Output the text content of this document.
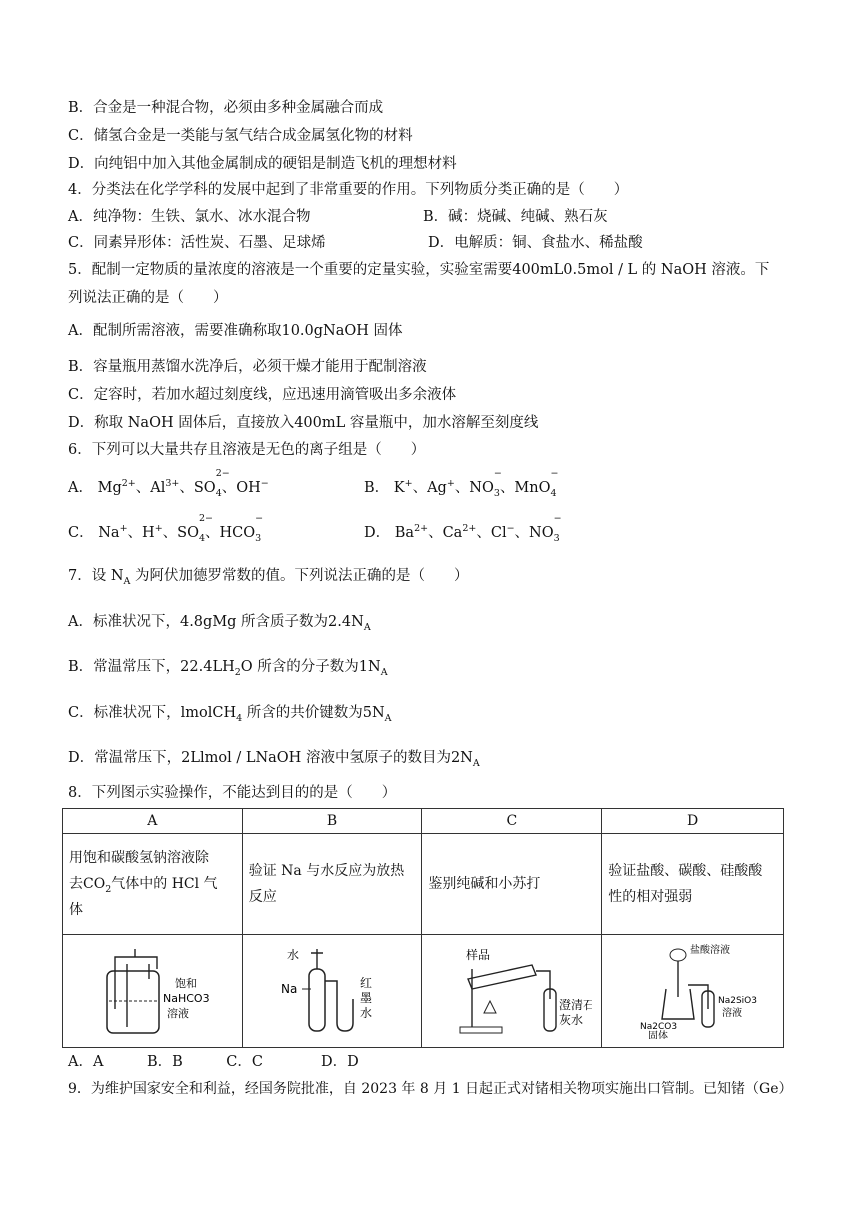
B．合金是一种混合物，必须由多种金属融合而成
C．储氢合金是一类能与氢气结合成金属氢化物的材料
D．向纯铝中加入其他金属制成的硬铝是制造飞机的理想材料
4．分类法在化学学科的发展中起到了非常重要的作用。下列物质分类正确的是（　　）
A．纯净物：生铁、氯水、冰水混合物	B．碱：烧碱、纯碱、熟石灰
C．同素异形体：活性炭、石墨、足球烯	D．电解质：铜、食盐水、稀盐酸
5．配制一定物质的量浓度的溶液是一个重要的定量实验，实验室需要400mL0.5mol / L 的 NaOH 溶液。下
列说法正确的是（　　）
A．配制所需溶液，需要准确称取10.0gNaOH 固体
B．容量瓶用蒸馏水洗净后，必须干燥才能用于配制溶液
C．定容时，若加水超过刻度线，应迅速用滴管吸出多余液体
D．称取 NaOH 固体后，直接放入400mL 容量瓶中，加水溶解至刻度线
6．下列可以大量共存且溶液是无色的离子组是（　　）
A． $Mg^{2+}$、$Al^{3+}$、SO
$_{2- 4}$、OH−	B． K+、Ag+、NO
$_{- 3}$、MnO
$_{- 4}$
C． Na+、H+、SO
$_{2- 4}$、HCO
$_{- 3}$	D． $Ba^{2+}$、$Ca^{2+}$、Cl−、NO
$_{- 3}$
7．设 $N_A$ 为阿伏加德罗常数的值。下列说法正确的是（　　）
A．标准状况下，4.8gMg 所含质子数为$2.4N_A$
B．常温常压下，$22.4LH_2O$ 所含的分子数为$1N_A$
C．标准状况下，lmolCH$_4$ 所含的共价键数为$5N_A$
D．常温常压下，2Llmol / LNaOH 溶液中氢原子的数目为$2N_A$
8．下列图示实验操作，不能达到目的的是（　　）
A	B	C	D
用饱和碳酸氢钠溶液除
去$CO_2$气体中的 HCl 气
体	验证 Na 与水反应为放热
反应	鉴别纯碱和小苏打	验证盐酸、碳酸、硅酸酸
性的相对强弱

饱和
NaHCO3
溶液	水
Na 红
墨
水	样品
澄清石
灰水	盐酸溶液
Na2CO3
固体
Na2SiO3
溶液
A．A　　　B．B　　　C．C　　　　D．D
9．为维护国家安全和利益，经国务院批准，自 2023 年 8 月 1 日起正式对锗相关物项实施出口管制。已知锗（Ge）
